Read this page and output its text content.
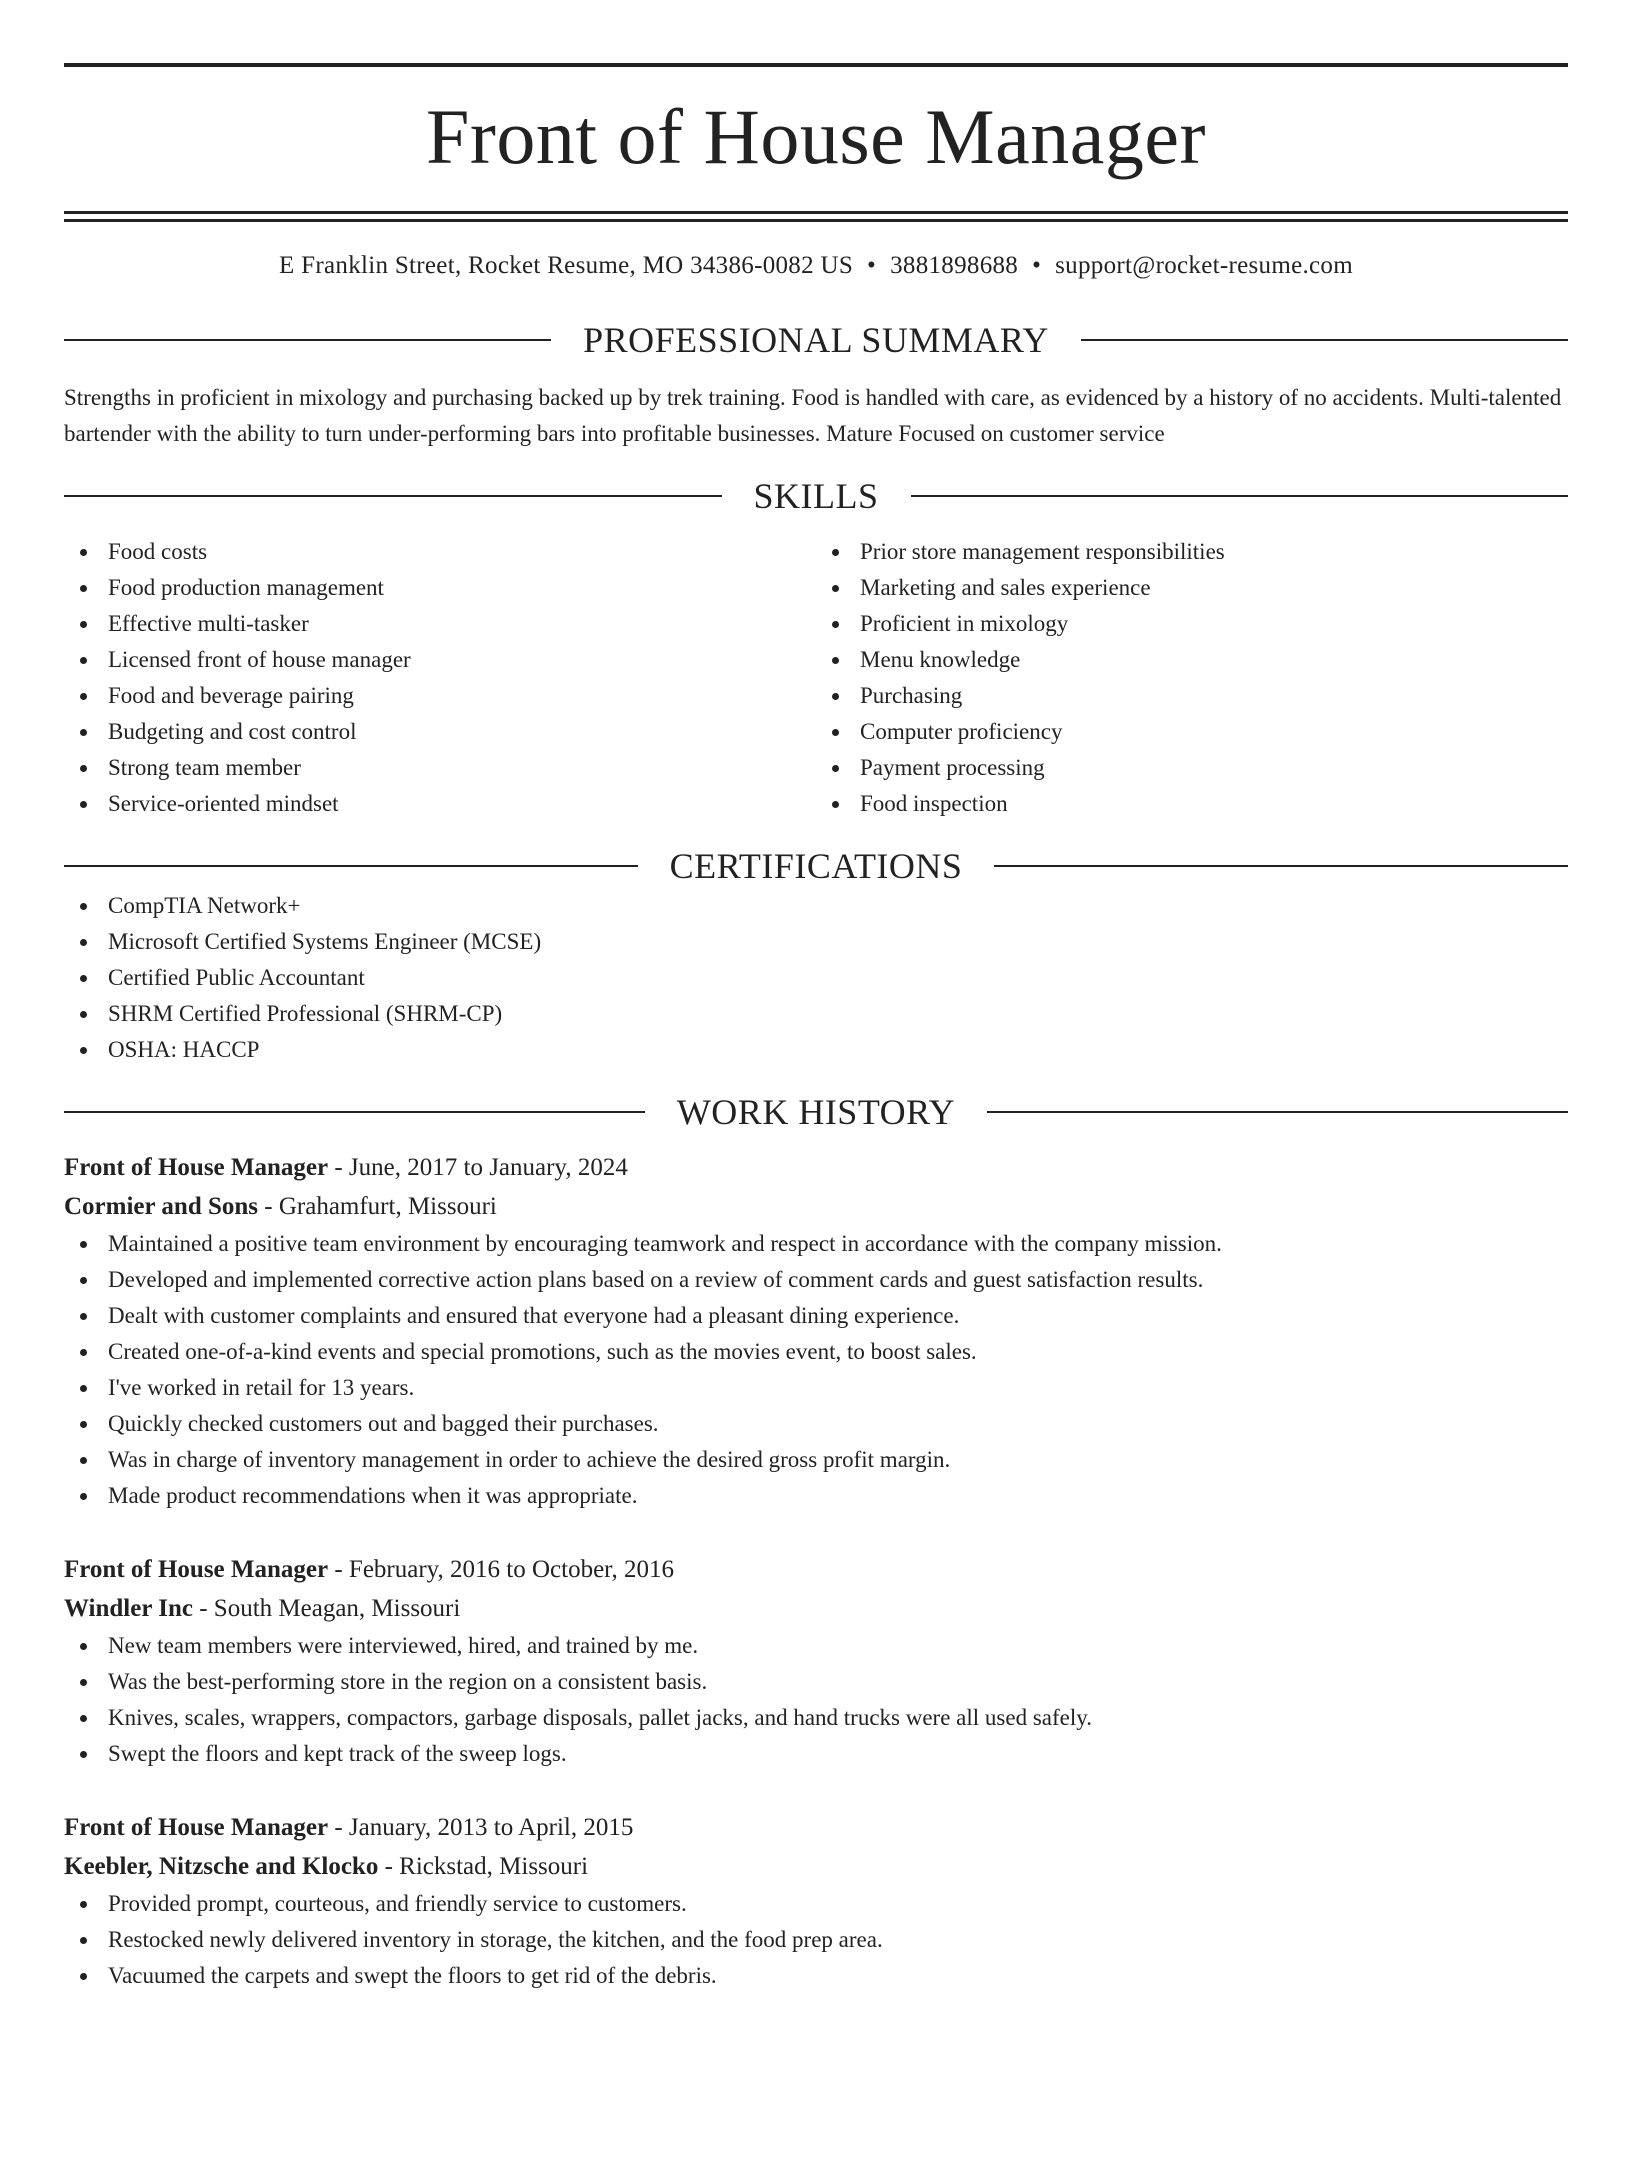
Front of House Manager
E Franklin Street, Rocket Resume, MO 34386-0082 US • 3881898688 • support@rocket-resume.com
PROFESSIONAL SUMMARY

Strengths in proficient in mixology and purchasing backed up by trek training. Food is handled with care, as evidenced by a history of no accidents. Multi-talented bartender with the ability to turn under-performing bars into profitable businesses. Mature Focused on customer service

SKILLS
Food costs
Food production management
Effective multi-tasker
Licensed front of house manager
Food and beverage pairing
Budgeting and cost control
Strong team member
Service-oriented mindset
Prior store management responsibilities
Marketing and sales experience
Proficient in mixology
Menu knowledge
Purchasing
Computer proficiency
Payment processing
Food inspection
CERTIFICATIONS
CompTIA Network+
Microsoft Certified Systems Engineer (MCSE)
Certified Public Accountant
SHRM Certified Professional (SHRM-CP)
OSHA: HACCP
WORK HISTORY
Front of House Manager - June, 2017 to January, 2024
Cormier and Sons - Grahamfurt, Missouri
Maintained a positive team environment by encouraging teamwork and respect in accordance with the company mission.
Developed and implemented corrective action plans based on a review of comment cards and guest satisfaction results.
Dealt with customer complaints and ensured that everyone had a pleasant dining experience.
Created one-of-a-kind events and special promotions, such as the movies event, to boost sales.
I've worked in retail for 13 years.
Quickly checked customers out and bagged their purchases.
Was in charge of inventory management in order to achieve the desired gross profit margin.
Made product recommendations when it was appropriate.
Front of House Manager - February, 2016 to October, 2016
Windler Inc - South Meagan, Missouri
New team members were interviewed, hired, and trained by me.
Was the best-performing store in the region on a consistent basis.
Knives, scales, wrappers, compactors, garbage disposals, pallet jacks, and hand trucks were all used safely.
Swept the floors and kept track of the sweep logs.
Front of House Manager - January, 2013 to April, 2015
Keebler, Nitzsche and Klocko - Rickstad, Missouri
Provided prompt, courteous, and friendly service to customers.
Restocked newly delivered inventory in storage, the kitchen, and the food prep area.
Vacuumed the carpets and swept the floors to get rid of the debris.
